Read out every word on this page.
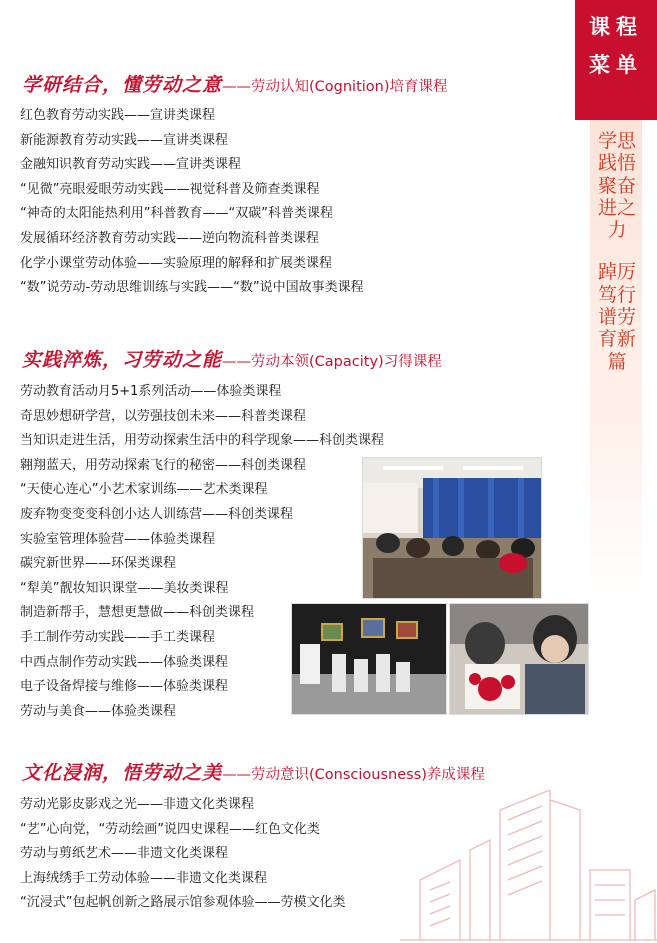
课程
菜单
学思践悟聚奋进之力
踔厉笃行谱劳育新篇
学研结合，懂劳动之意——劳动认知(Cognition)培育课程
红色教育劳动实践——宣讲类课程
新能源教育劳动实践——宣讲类课程
金融知识教育劳动实践——宣讲类课程
“见微”亮眼爱眼劳动实践——视觉科普及筛查类课程
“神奇的太阳能热利用”科普教育——“双碳”科普类课程
发展循环经济教育劳动实践——逆向物流科普类课程
化学小课堂劳动体验——实验原理的解释和扩展类课程
“数”说劳动-劳动思维训练与实践——“数”说中国故事类课程
实践淬炼，习劳动之能——劳动本领(Capacity)习得课程
劳动教育活动月5+1系列活动——体验类课程
奇思妙想研学营，以劳强技创未来——科普类课程
当知识走进生活，用劳动探索生活中的科学现象——科创类课程
翱翔蓝天，用劳动探索飞行的秘密——科创类课程
“天使心连心”小艺术家训练——艺术类课程
废弃物变变变科创小达人训练营——科创类课程
实验室管理体验营——体验类课程
碳究新世界——环保类课程
“犁美”靓妆知识课堂——美妆类课程
制造新帮手，慧想更慧做——科创类课程
手工制作劳动实践——手工类课程
中西点制作劳动实践——体验类课程
电子设备焊接与维修——体验类课程
劳动与美食——体验类课程
文化浸润，悟劳动之美——劳动意识(Consciousness)养成课程
劳动光影皮影戏之光——非遗文化类课程
“艺”心向党，“劳动绘画”说四史课程——红色文化类
劳动与剪纸艺术——非遗文化类课程
上海绒绣手工劳动体验——非遗文化类课程
“沉浸式”包起帆创新之路展示馆参观体验——劳模文化类
